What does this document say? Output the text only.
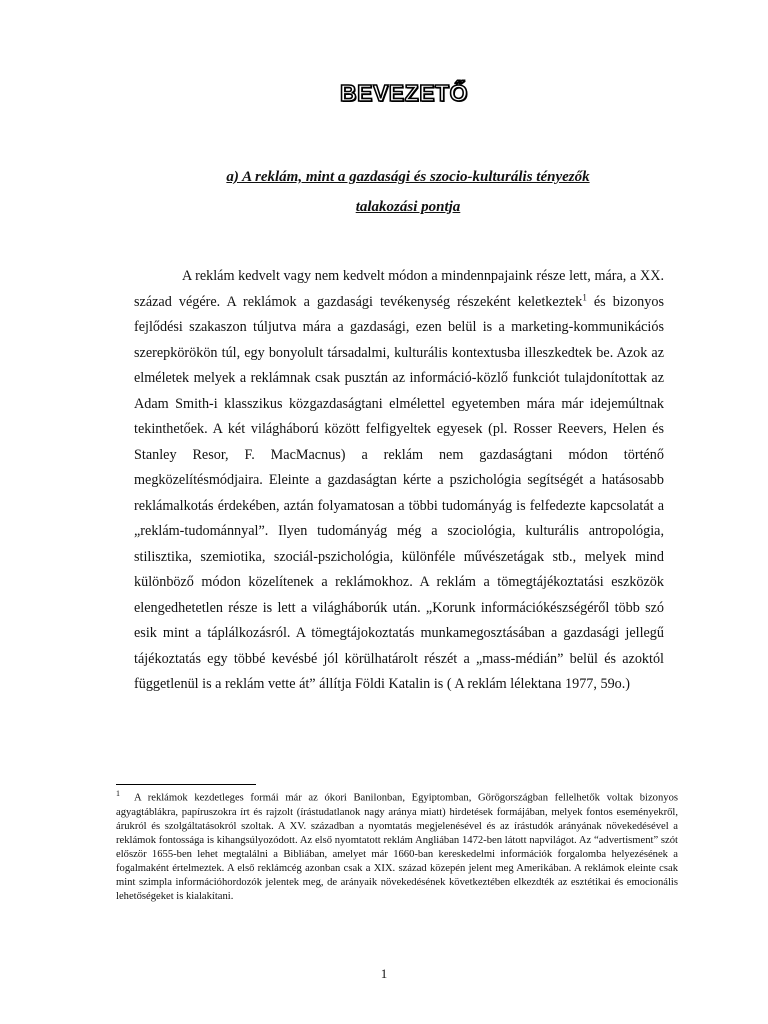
BEVEZETŐ
a) A reklám, mint a gazdasági és szocio-kulturális tényezők
talakozási pontja
A reklám kedvelt vagy nem kedvelt módon a mindennpajaink része lett, mára, a XX. század végére. A reklámok a gazdasági tevékenység részeként keletkeztek$^1$ és bizonyos fejlődési szakaszon túljutva mára a gazdasági, ezen belül is a marketing-kommunikációs szerepkörökön túl, egy bonyolult társadalmi, kulturális kontextusba illeszkedtek be. Azok az elméletek melyek a reklámnak csak pusztán az információ-közlő funkciót tulajdonítottak az Adam Smith-i klasszikus közgazdaságtani elmélettel egyetemben mára már idejemúltnak tekinthetőek. A két világháború között felfigyeltek egyesek (pl. Rosser Reevers, Helen és Stanley Resor, F. MacMacnus) a reklám nem gazdaságtani módon történő megközelítésmódjaira. Eleinte a gazdaságtan kérte a pszichológia segítségét a hatásosabb reklámalkotás érdekében, aztán folyamatosan a többi tudományág is felfedezte kapcsolatát a „reklám-tudománnyal”. Ilyen tudományág még a szociológia, kulturális antropológia, stilisztika, szemiotika, szociál-pszichológia, különféle művészetágak stb., melyek mind különböző módon közelítenek a reklámokhoz. A reklám a tömegtájékoztatási eszközök elengedhetetlen része is lett a világháborúk után. „Korunk információkészségéről több szó esik mint a táplálkozásról. A tömegtájokoztatás munkamegosztásában a gazdasági jellegű tájékoztatás egy többé kevésbé jól körülhatárolt részét a „mass-médián” belül és azoktól függetlenül is a reklám vette át” állítja Földi Katalin is ( A reklám lélektana 1977, 59o.)
$^1$ A reklámok kezdetleges formái már az ókori Banilonban, Egyiptomban, Görögországban fellelhetők voltak bizonyos agyagtáblákra, papíruszokra írt és rajzolt (írástudatlanok nagy aránya miatt) hirdetések formájában, melyek fontos eseményekről, árukról és szolgáltatásokról szoltak. A XV. században a nyomtatás megjelenésével és az írástudók arányának növekedésével a reklámok fontossága is kihangsúlyozódott. Az első nyomtatott reklám Angliában 1472-ben látott napvilágot. Az “advertisment” szót először 1655-ben lehet megtalálni a Bibliában, amelyet már 1660-ban kereskedelmi információk forgalomba helyezésének a fogalmaként értelmeztek. A első reklámcég azonban csak a XIX. század közepén jelent meg Amerikában. A reklámok eleinte csak mint szimpla információhordozók jelentek meg, de arányaik növekedésének következtében elkezdték az esztétikai és emocionális lehetőségeket is kialakítani.
1
